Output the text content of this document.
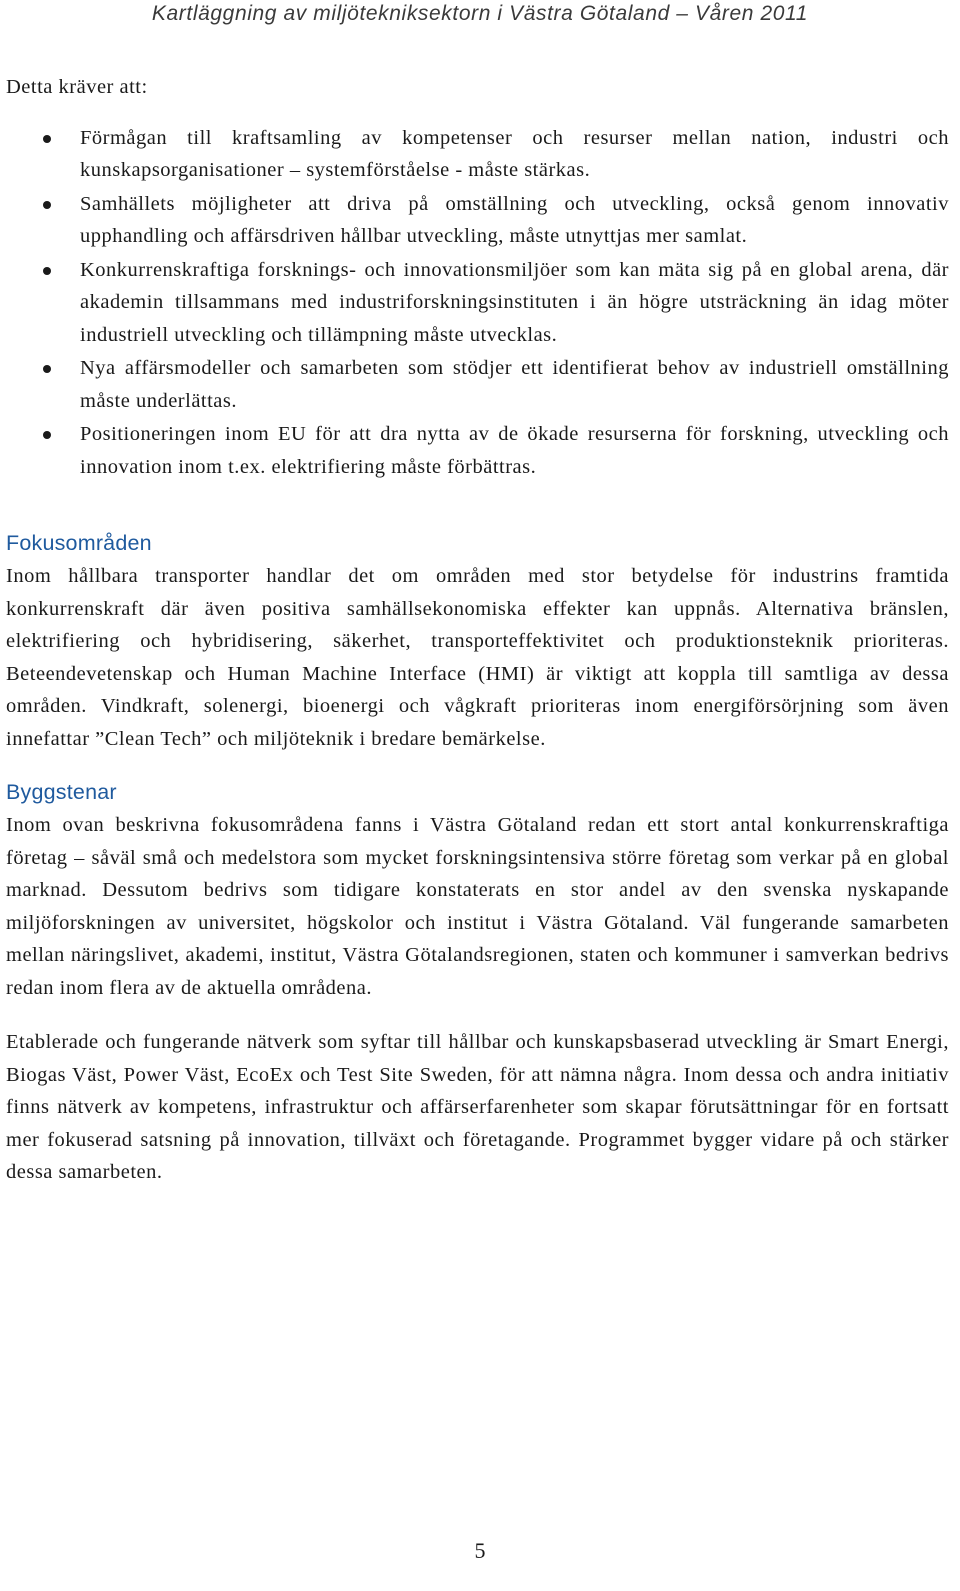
Kartläggning av miljötekniksektorn i Västra Götaland – Våren 2011

Detta kräver att:

Förmågan till kraftsamling av kompetenser och resurser mellan nation, industri och kunskapsorganisationer – systemförståelse - måste stärkas.
Samhällets möjligheter att driva på omställning och utveckling, också genom innovativ upphandling och affärsdriven hållbar utveckling, måste utnyttjas mer samlat.
Konkurrenskraftiga forsknings- och innovationsmiljöer som kan mäta sig på en global arena, där akademin tillsammans med industriforskningsinstituten i än högre utsträckning än idag möter industriell utveckling och tillämpning måste utvecklas.
Nya affärsmodeller och samarbeten som stödjer ett identifierat behov av industriell omställning måste underlättas.
Positioneringen inom EU för att dra nytta av de ökade resurserna för forskning, utveckling och innovation inom t.ex. elektrifiering måste förbättras.
Fokusområden

Inom hållbara transporter handlar det om områden med stor betydelse för industrins framtida konkurrenskraft där även positiva samhällsekonomiska effekter kan uppnås. Alternativa bränslen, elektrifiering och hybridisering, säkerhet, transporteffektivitet och produktionsteknik prioriteras. Beteendevetenskap och Human Machine Interface (HMI) är viktigt att koppla till samtliga av dessa områden. Vindkraft, solenergi, bioenergi och vågkraft prioriteras inom energiförsörjning som även innefattar ”Clean Tech” och miljöteknik i bredare bemärkelse.

Byggstenar

Inom ovan beskrivna fokusområdena fanns i Västra Götaland redan ett stort antal konkurrenskraftiga företag – såväl små och medelstora som mycket forskningsintensiva större företag som verkar på en global marknad. Dessutom bedrivs som tidigare konstaterats en stor andel av den svenska nyskapande miljöforskningen av universitet, högskolor och institut i Västra Götaland. Väl fungerande samarbeten mellan näringslivet, akademi, institut, Västra Götalandsregionen, staten och kommuner i samverkan bedrivs redan inom flera av de aktuella områdena.

Etablerade och fungerande nätverk som syftar till hållbar och kunskapsbaserad utveckling är Smart Energi, Biogas Väst, Power Väst, EcoEx och Test Site Sweden, för att nämna några. Inom dessa och andra initiativ finns nätverk av kompetens, infrastruktur och affärserfarenheter som skapar förutsättningar för en fortsatt mer fokuserad satsning på innovation, tillväxt och företagande. Programmet bygger vidare på och stärker dessa samarbeten.

5
